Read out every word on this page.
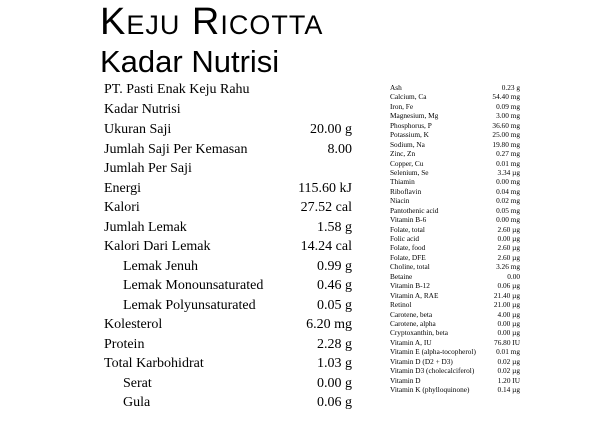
Keju Ricotta
Kadar Nutrisi
PT. Pasti Enak Keju Rahu
Kadar Nutrisi
Ukuran Saji	20.00 g
Jumlah Saji Per Kemasan	8.00
Jumlah Per Saji
Energi	115.60 kJ
Kalori	27.52 cal
Jumlah Lemak	1.58 g
Kalori Dari Lemak	14.24 cal
Lemak Jenuh	0.99 g
Lemak Monounsaturated	0.46 g
Lemak Polyunsaturated	0.05 g
Kolesterol	6.20 mg
Protein	2.28 g
Total Karbohidrat	1.03 g
Serat	0.00 g
Gula	0.06 g
Ash	0.23 g
Calcium, Ca	54.40 mg
Iron, Fe	0.09 mg
Magnesium, Mg	3.00 mg
Phosphorus, P	36.60 mg
Potassium, K	25.00 mg
Sodium, Na	19.80 mg
Zinc, Zn	0.27 mg
Copper, Cu	0.01 mg
Selenium, Se	3.34 µg
Thiamin	0.00 mg
Riboflavin	0.04 mg
Niacin	0.02 mg
Pantothenic acid	0.05 mg
Vitamin B-6	0.00 mg
Folate, total	2.60 µg
Folic acid	0.00 µg
Folate, food	2.60 µg
Folate, DFE	2.60 µg
Choline, total	3.26 mg
Betaine	0.00
Vitamin B-12	0.06 µg
Vitamin A, RAE	21.40 µg
Retinol	21.00 µg
Carotene, beta	4.00 µg
Carotene, alpha	0.00 µg
Cryptoxanthin, beta	0.00 µg
Vitamin A, IU	76.80 IU
Vitamin E (alpha-tocopherol)	0.01 mg
Vitamin D (D2 + D3)	0.02 µg
Vitamin D3 (cholecalciferol)	0.02 µg
Vitamin D	1.20 IU
Vitamin K (phylloquinone)	0.14 µg
